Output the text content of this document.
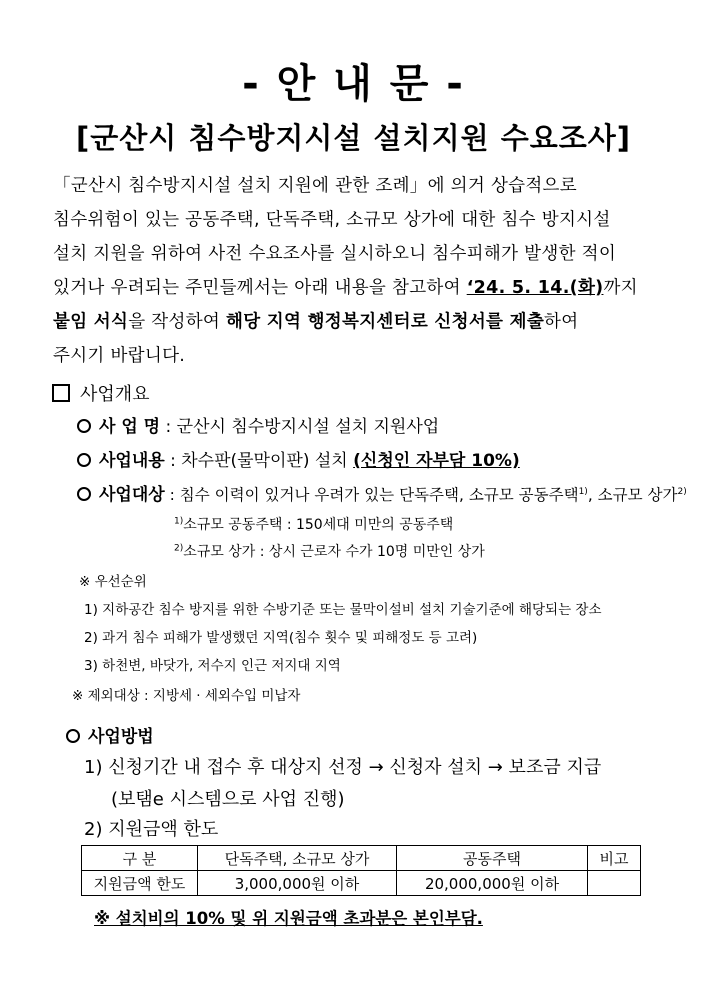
- 안 내 문 -
[군산시 침수방지시설 설치지원 수요조사]
「군산시 침수방지시설 설치 지원에 관한 조례」에 의거 상습적으로
침수위험이 있는 공동주택, 단독주택, 소규모 상가에 대한 침수 방지시설
설치 지원을 위하여 사전 수요조사를 실시하오니 침수피해가 발생한 적이
있거나 우려되는 주민들께서는 아래 내용을 참고하여 ‘24. 5. 14.(화)까지
붙임 서식을 작성하여 해당 지역 행정복지센터로 신청서를 제출하여
주시기 바랍니다.
사업개요
사 업 명 : 군산시 침수방지시설 설치 지원사업
사업내용 : 차수판(물막이판) 설치 (신청인 자부담 10%)
사업대상 : 침수 이력이 있거나 우려가 있는 단독주택, 소규모 공동주택$^{1)}$, 소규모 상가$^{2)}$
$^{1)}$소규모 공동주택 : 150세대 미만의 공동주택
$^{2)}$소규모 상가 : 상시 근로자 수가 10명 미만인 상가
※ 우선순위
1) 지하공간 침수 방지를 위한 수방기준 또는 물막이설비 설치 기술기준에 해당되는 장소
2) 과거 침수 피해가 발생했던 지역(침수 횟수 및 피해정도 등 고려)
3) 하천변, 바닷가, 저수지 인근 저지대 지역
※ 제외대상 : 지방세 · 세외수입 미납자
사업방법
1) 신청기간 내 접수 후 대상지 선정 → 신청자 설치 → 보조금 지급
(보탬e 시스템으로 사업 진행)
2) 지원금액 한도
구 분	단독주택, 소규모 상가	공동주택	비고
지원금액 한도	3,000,000원 이하	20,000,000원 이하	
※ 설치비의 10% 및 위 지원금액 초과분은 본인부담.
